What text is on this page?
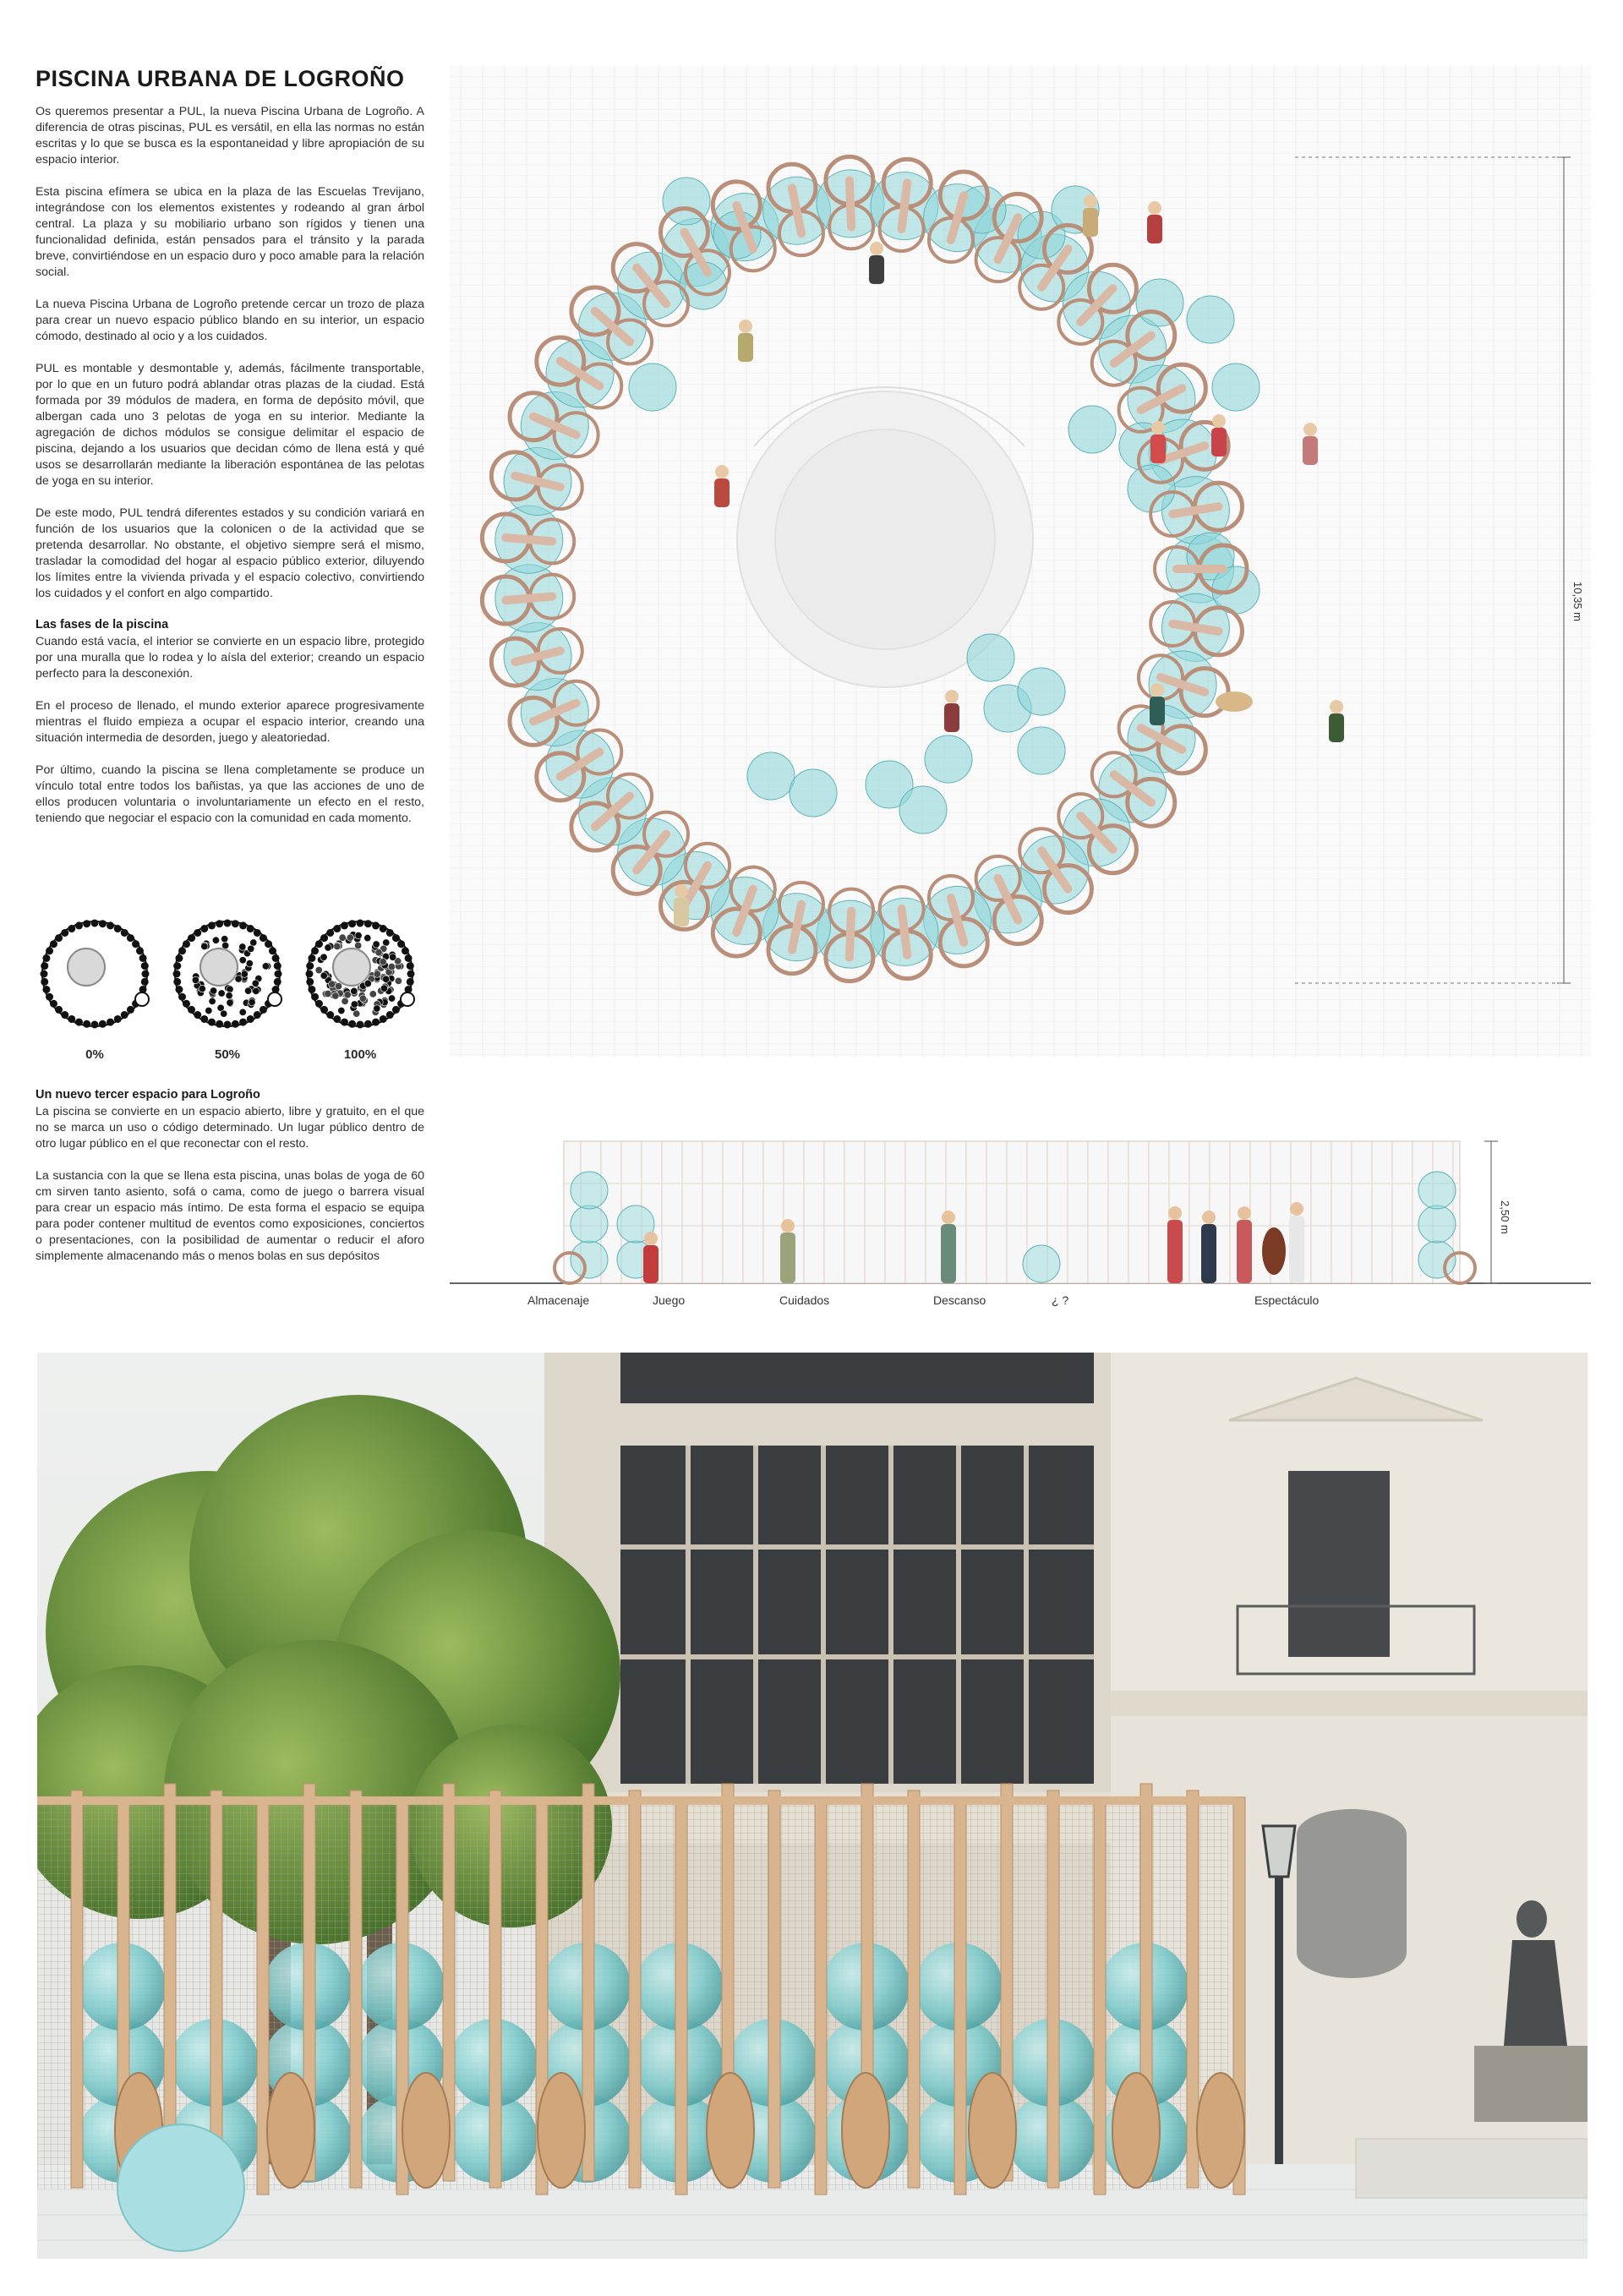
PISCINA URBANA DE LOGROÑO

Os queremos presentar a PUL, la nueva Piscina Urbana de Logroño. A diferencia de otras piscinas, PUL es versátil, en ella las normas no están escritas y lo que se busca es la espontaneidad y libre apropiación de su espacio interior.

Esta piscina efímera se ubica en la plaza de las Escuelas Trevijano, integrándose con los elementos existentes y rodeando al gran árbol central. La plaza y su mobiliario urbano son rígidos y tienen una funcionalidad definida, están pensados para el tránsito y la parada breve, convirtiéndose en un espacio duro y poco amable para la relación social.

La nueva Piscina Urbana de Logroño pretende cercar un trozo de plaza para crear un nuevo espacio público blando en su interior, un espacio cómodo, destinado al ocio y a los cuidados.

PUL es montable y desmontable y, además, fácilmente transportable, por lo que en un futuro podrá ablandar otras plazas de la ciudad. Está formada por 39 módulos de madera, en forma de depósito móvil, que albergan cada uno 3 pelotas de yoga en su interior. Mediante la agregación de dichos módulos se consigue delimitar el espacio de piscina, dejando a los usuarios que decidan cómo de llena está y qué usos se desarrollarán mediante la liberación espontánea de las pelotas de yoga en su interior.

De este modo, PUL tendrá diferentes estados y su condición variará en función de los usuarios que la colonicen o de la actividad que se pretenda desarrollar. No obstante, el objetivo siempre será el mismo, trasladar la comodidad del hogar al espacio público exterior, diluyendo los límites entre la vivienda privada y el espacio colectivo, convirtiendo los cuidados y el confort en algo compartido.

Las fases de la piscina

Cuando está vacía, el interior se convierte en un espacio libre, protegido por una muralla que lo rodea y lo aísla del exterior; creando un espacio perfecto para la desconexión.

En el proceso de llenado, el mundo exterior aparece progresivamente mientras el fluido empieza a ocupar el espacio interior, creando una situación intermedia de desorden, juego y aleatoriedad.

Por último, cuando la piscina se llena completamente se produce un vínculo total entre todos los bañistas, ya que las acciones de uno de ellos producen voluntaria o involuntariamente un efecto en el resto, teniendo que negociar el espacio con la comunidad en cada momento.

0%	50%	100%
Un nuevo tercer espacio para Logroño

La piscina se convierte en un espacio abierto, libre y gratuito, en el que no se marca un uso o código determinado. Un lugar público dentro de otro lugar público en el que reconectar con el resto.

La sustancia con la que se llena esta piscina, unas bolas de yoga de 60 cm sirven tanto asiento, sofá o cama, como de juego o barrera visual para crear un espacio más íntimo. De esta forma el espacio se equipa para poder contener multitud de eventos como exposiciones, conciertos o presentaciones, con la posibilidad de aumentar o reducir el aforo simplemente almacenando más o menos bolas en sus depósitos

10,35 m
2,50 m
Almacenaje	Juego	Cuidados	Descanso	¿ ?	Espectáculo
